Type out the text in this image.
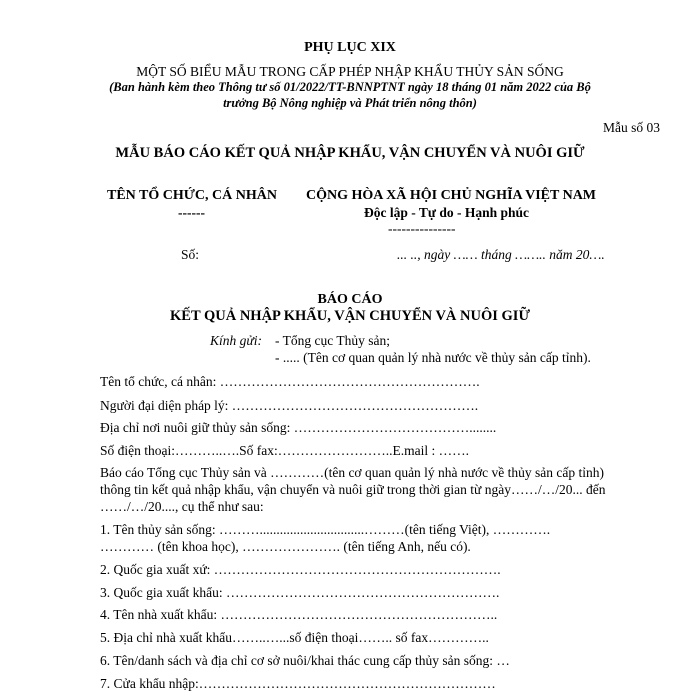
PHỤ LỤC XIX
MỘT SỐ BIỂU MẪU TRONG CẤP PHÉP NHẬP KHẨU THỦY SẢN SỐNG
(Ban hành kèm theo Thông tư số 01/2022/TT-BNNPTNT ngày 18 tháng 01 năm 2022 của Bộ
trưởng Bộ Nông nghiệp và Phát triển nông thôn)
Mẫu số 03
MẪU BÁO CÁO KẾT QUẢ NHẬP KHẨU, VẬN CHUYỂN VÀ NUÔI GIỮ
TÊN TỔ CHỨC, CÁ NHÂN
------
Số:
CỘNG HÒA XÃ HỘI CHỦ NGHĨA VIỆT NAM
Độc lập - Tự do - Hạnh phúc
---------------
... .., ngày …… tháng …….. năm 20….
BÁO CÁO
KẾT QUẢ NHẬP KHẨU, VẬN CHUYỂN VÀ NUÔI GIỮ
Kính gửi: - Tổng cục Thủy sản;
- ..... (Tên cơ quan quản lý nhà nước về thủy sản cấp tỉnh).
Tên tổ chức, cá nhân: ………………………………………………….
Người đại diện pháp lý: ……………………………………………….
Địa chỉ nơi nuôi giữ thủy sản sống: …………………………………........
Số điện thoại:………..….Số fax:……………………..E.mail : …….
Báo cáo Tổng cục Thủy sản và …………(tên cơ quan quản lý nhà nước về thủy sản cấp tỉnh)
thông tin kết quả nhập khẩu, vận chuyển và nuôi giữ trong thời gian từ ngày……/…/20... đến
……/…/20...., cụ thể như sau:
1. Tên thủy sản sống: ………...............................………(tên tiếng Việt), ………….
………… (tên khoa học), …………………. (tên tiếng Anh, nếu có).
2. Quốc gia xuất xứ: ……………………………………………………….
3. Quốc gia xuất khẩu: …………………………………………………….
4. Tên nhà xuất khẩu: ……………………………………………………..
5. Địa chỉ nhà xuất khẩu……..…...số điện thoại…….. số fax…………..
6. Tên/danh sách và địa chỉ cơ sở nuôi/khai thác cung cấp thủy sản sống: …
7. Cửa khẩu nhập:…………………………………………………………
